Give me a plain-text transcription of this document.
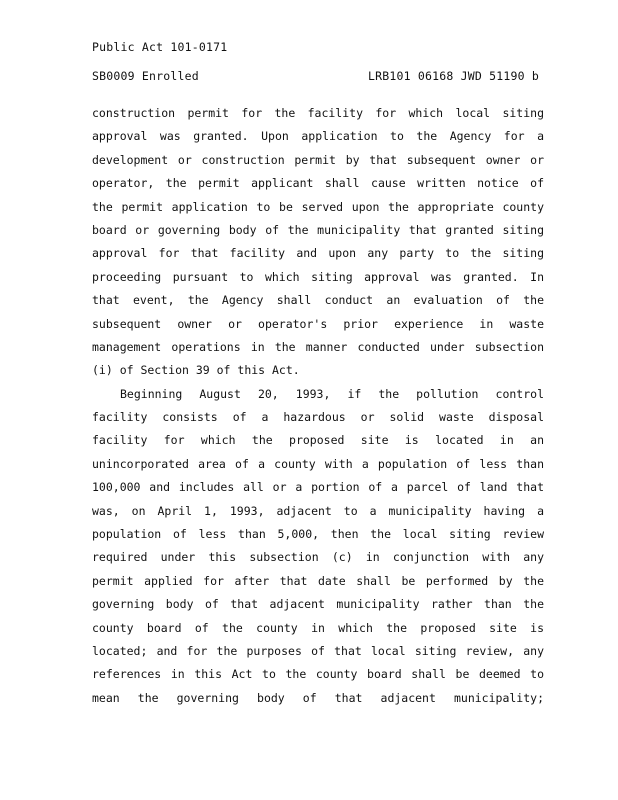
Public Act 101-0171
SB0009 Enrolled	LRB101 06168 JWD 51190 b
construction permit for the facility for which local siting
approval was granted. Upon application to the Agency for a
development or construction permit by that subsequent owner or
operator, the permit applicant shall cause written notice of
the permit application to be served upon the appropriate county
board or governing body of the municipality that granted siting
approval for that facility and upon any party to the siting
proceeding pursuant to which siting approval was granted. In
that event, the Agency shall conduct an evaluation of the
subsequent owner or operator's prior experience in waste
management operations in the manner conducted under subsection
(i) of Section 39 of this Act.
Beginning August 20, 1993, if the pollution control
facility consists of a hazardous or solid waste disposal
facility for which the proposed site is located in an
unincorporated area of a county with a population of less than
100,000 and includes all or a portion of a parcel of land that
was, on April 1, 1993, adjacent to a municipality having a
population of less than 5,000, then the local siting review
required under this subsection (c) in conjunction with any
permit applied for after that date shall be performed by the
governing body of that adjacent municipality rather than the
county board of the county in which the proposed site is
located; and for the purposes of that local siting review, any
references in this Act to the county board shall be deemed to
mean the governing body of that adjacent municipality;
